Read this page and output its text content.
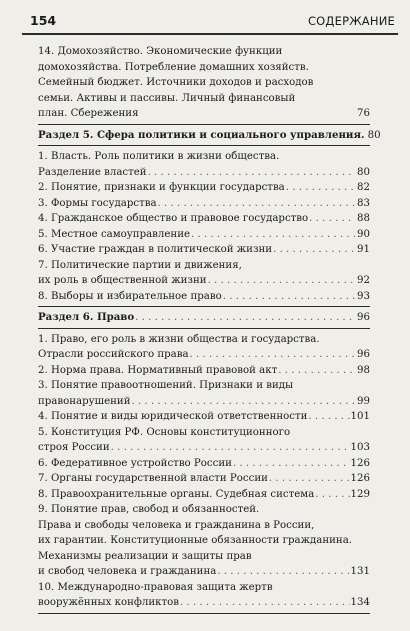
154	СОДЕРЖАНИЕ
14. Домохозяйство. Экономические функции
домохозяйства. Потребление домашних хозяйств.
Семейный бюджет. Источники доходов и расходов
семьи. Активы и пассивы. Личный финансовый
план. Сбережения	76
Раздел 5. Сфера политики и социального управления. 80
1. Власть. Роль политики в жизни общества.
Разделение властей . . .	80
2. Понятие, признаки и функции государства . . .	82
3. Формы государства . . .	83
4. Гражданское общество и правовое государство . . .	88
5. Местное самоуправление . . .	90
6. Участие граждан в политической жизни . . .	91
7. Политические партии и движения,
их роль в общественной жизни . . .	92
8. Выборы и избирательное право . . .	93
Раздел 6. Право . . .	96
1. Право, его роль в жизни общества и государства.
Отрасли российского права . . .	96
2. Норма права. Нормативный правовой акт . . .	98
3. Понятие правоотношений. Признаки и виды
правонарушений . . .	99
4. Понятие и виды юридической ответственности . . .	101
5. Конституция РФ. Основы конституционного
строя России . . .	103
6. Федеративное устройство России . . .	126
7. Органы государственной власти России . . .	126
8. Правоохранительные органы. Судебная система . . .	129
9. Понятие прав, свобод и обязанностей.
Права и свободы человека и гражданина в России,
их гарантии. Конституционные обязанности гражданина.
Механизмы реализации и защиты прав
и свобод человека и гражданина . . .	131
10. Международно-правовая защита жертв
вооружённых конфликтов . . .	134
